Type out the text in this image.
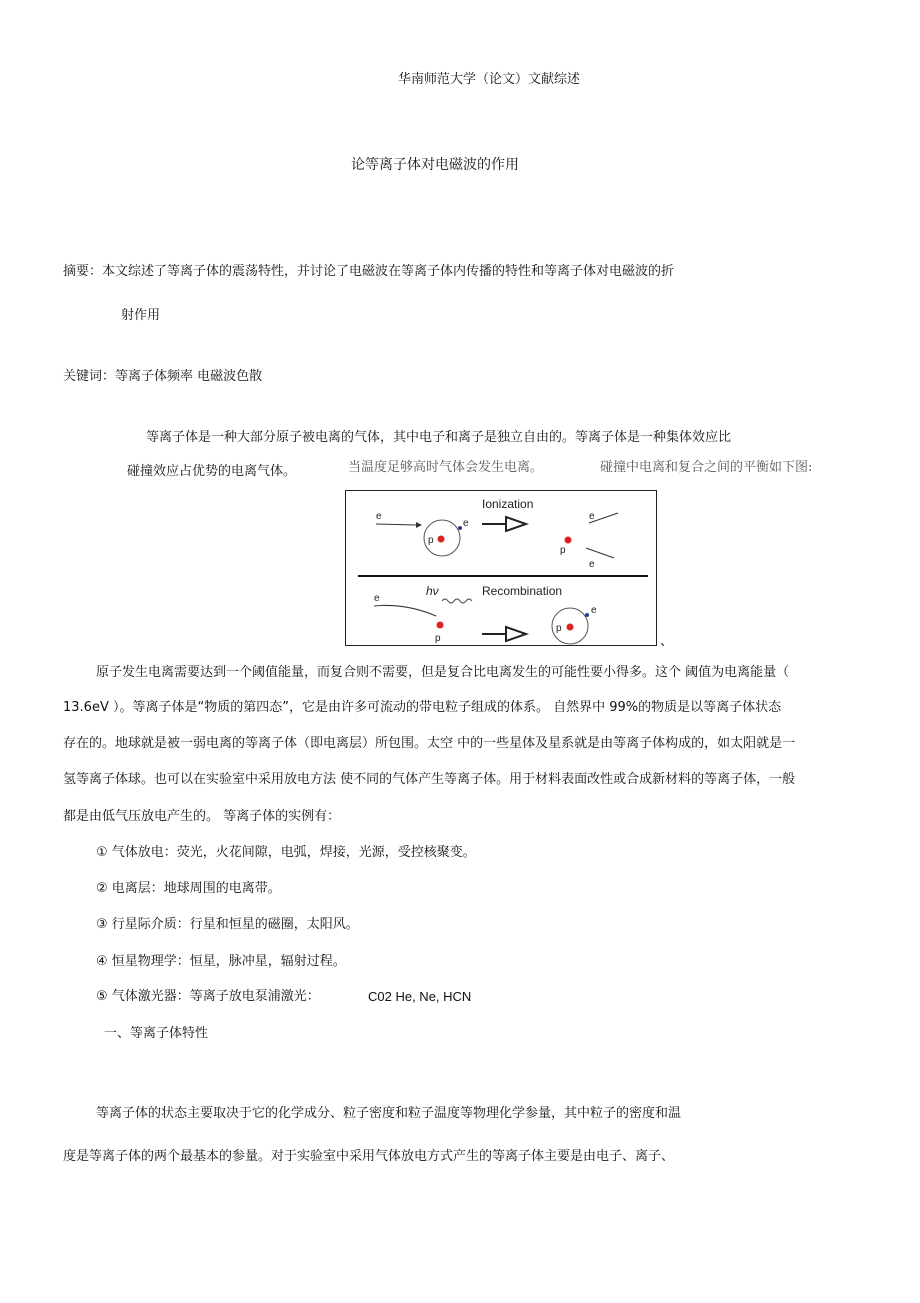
华南师范大学（论文）文献综述
论等离子体对电磁波的作用
摘要：本文综述了等离子体的震荡特性，并讨论了电磁波在等离子体内传播的特性和等离子体对电磁波的折
射作用
关键词：等离子体频率 电磁波色散
等离子体是一种大部分原子被电离的气体，其中电子和离子是独立自由的。等离子体是一种集体效应比
碰撞效应占优势的电离气体。	当温度足够高时气体会发生电离。	碰撞中电离和复合之间的平衡如下图:
Ionization
e
p
e
p
e
e
hν	Recombination
e
p
p
e
、
原子发生电离需要达到一个阈值能量，而复合则不需要，但是复合比电离发生的可能性要小得多。这个 阈值为电离能量（
13.6eV ）。等离子体是“物质的第四态”，它是由许多可流动的带电粒子组成的体系。 自然界中 99%的物质是以等离子体状态
存在的。地球就是被一弱电离的等离子体（即电离层）所包围。太空 中的一些星体及星系就是由等离子体构成的，如太阳就是一
氢等离子体球。也可以在实验室中采用放电方法 使不同的气体产生等离子体。用于材料表面改性或合成新材料的等离子体，一般
都是由低气压放电产生的。 等离子体的实例有：
① 气体放电：荧光，火花间隙，电弧，焊接，光源，受控核聚变。
② 电离层：地球周围的电离带。
③ 行星际介质：行星和恒星的磁圈，太阳风。
④ 恒星物理学：恒星，脉冲星，辐射过程。
⑤ 气体激光器：等离子放电泵浦激光：	C02 He, Ne, HCN
一、等离子体特性
等离子体的状态主要取决于它的化学成分、粒子密度和粒子温度等物理化学参量，其中粒子的密度和温
度是等离子体的两个最基本的参量。对于实验室中采用气体放电方式产生的等离子体主要是由电子、离子、
